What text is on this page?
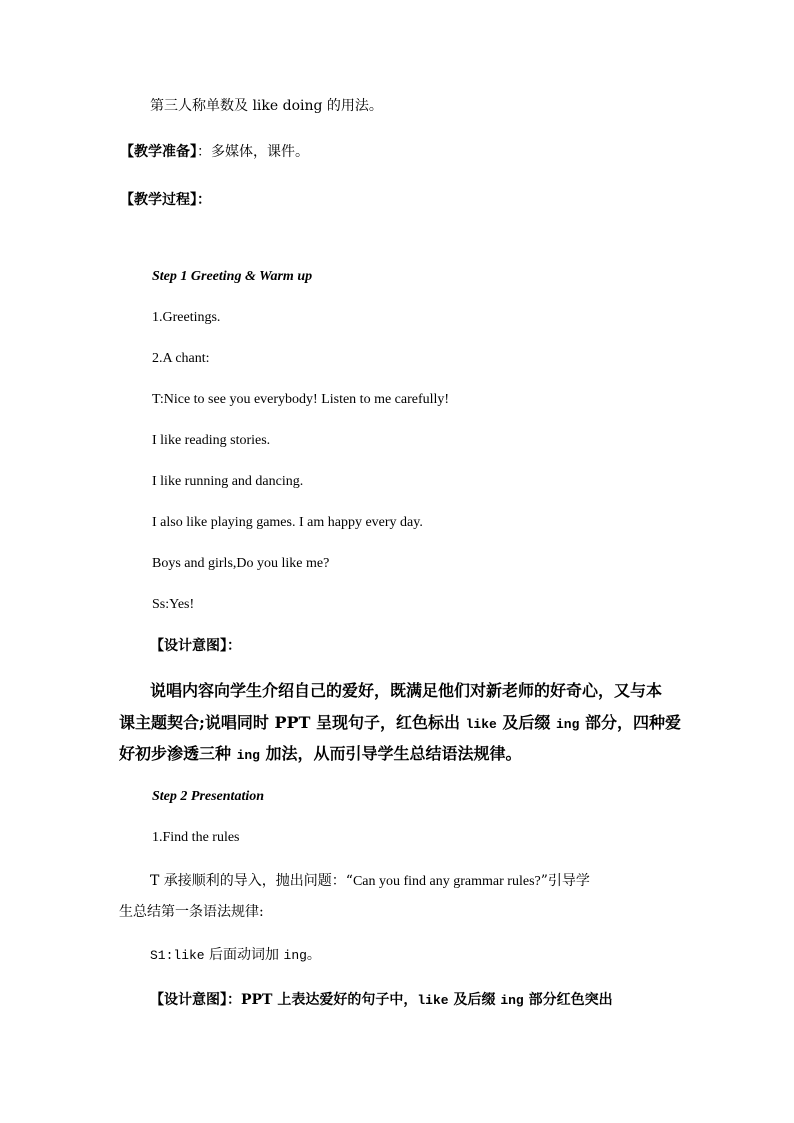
第三人称单数及 like doing 的用法。
【教学准备】：多媒体，课件。
【教学过程】：
Step 1 Greeting & Warm up
1.Greetings.
2.A chant:
T:Nice to see you everybody! Listen to me carefully!
I like reading stories.
I like running and dancing.
I also like playing games. I am happy every day.
Boys and girls,Do you like me?
Ss:Yes!
【设计意图】：
说唱内容向学生介绍自己的爱好，既满足他们对新老师的好奇心，又与本
课主题契合;说唱同时 PPT 呈现句子，红色标出 like 及后缀 ing 部分，四种爱
好初步渗透三种 ing 加法，从而引导学生总结语法规律。
Step 2 Presentation
1.Find the rules
T 承接顺利的导入，抛出问题：“Can you find any grammar rules?”引导学
生总结第一条语法规律:
S1:like 后面动词加 ing。
【设计意图】：PPT 上表达爱好的句子中，like 及后缀 ing 部分红色突出
